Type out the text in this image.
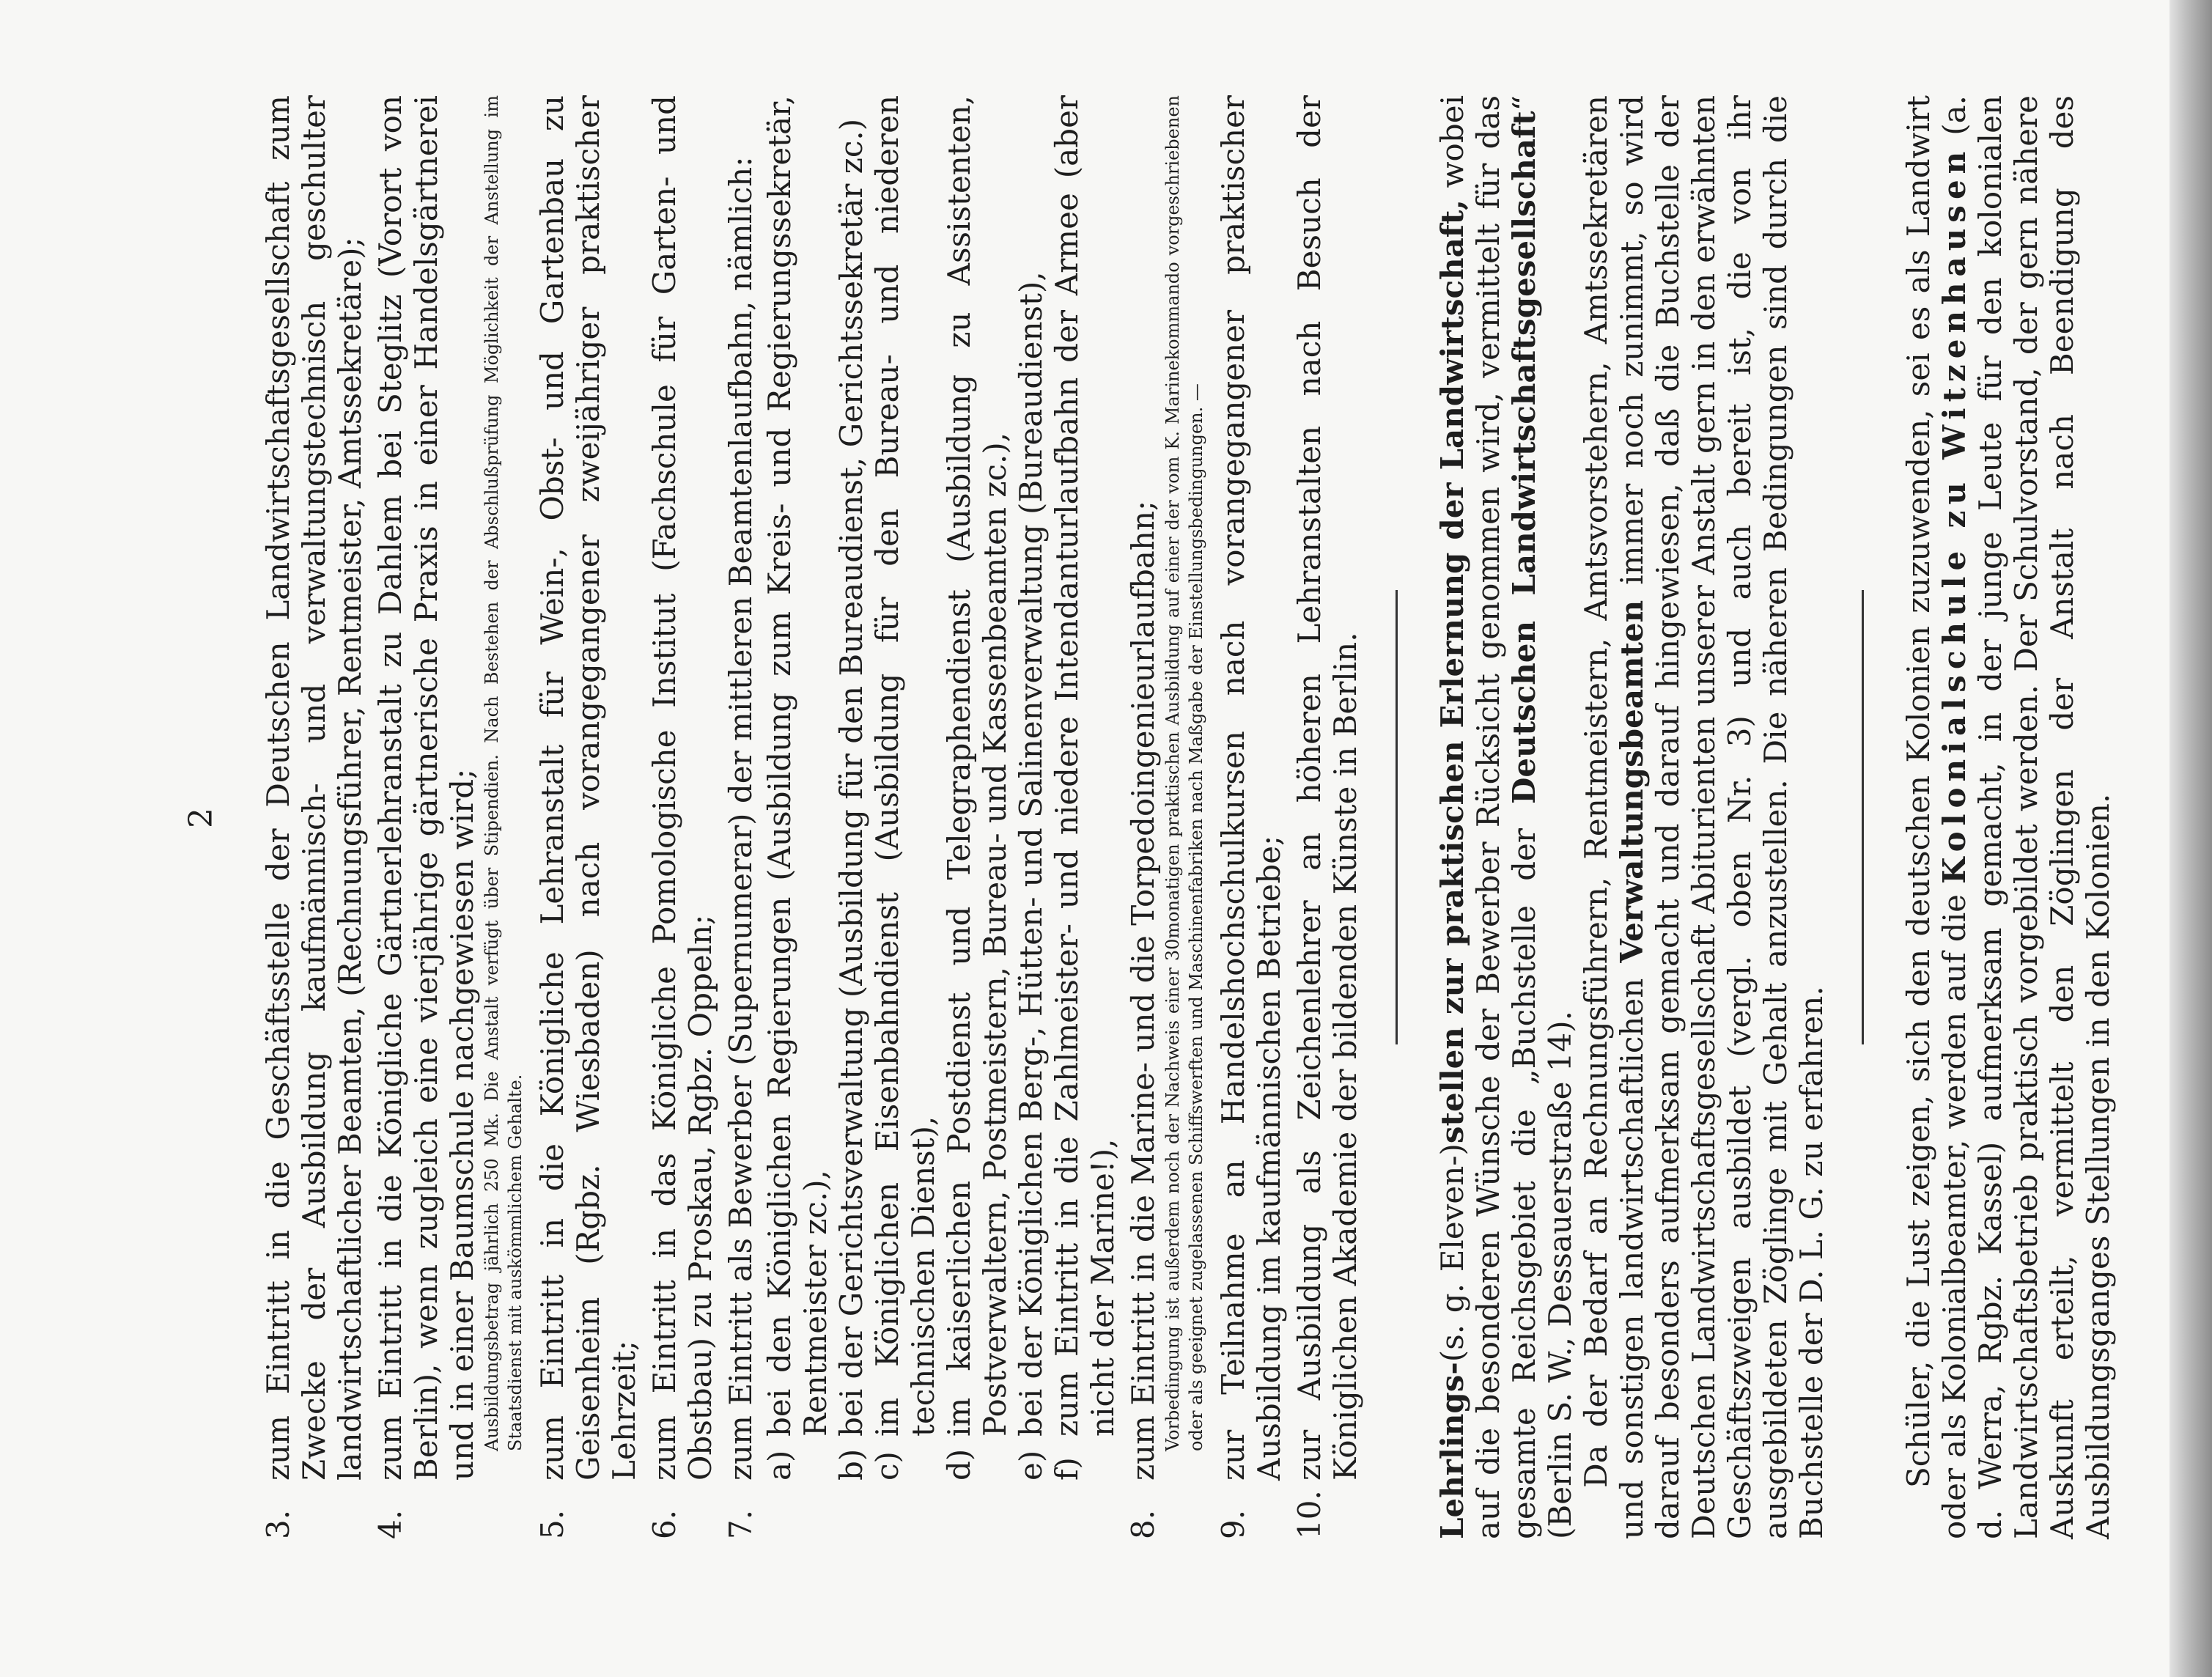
2
3.
zum Eintritt in die Geschäftsstelle der Deutschen Landwirtschaftsgesellschaft zum Zwecke der Ausbildung kaufmännisch- und verwaltungstechnisch geschulter landwirtschaftlicher Beamten, (Rechnungsführer, Rentmeister, Amtssekretäre);
4.
zum Eintritt in die Königliche Gärtnerlehranstalt zu Dahlem bei Steglitz (Vorort von Berlin), wenn zugleich eine vierjährige gärtnerische Praxis in einer Handelsgärtnerei und in einer Baumschule nachgewiesen wird; Ausbildungsbetrag jährlich 250 Mk. Die Anstalt verfügt über Stipendien. Nach Bestehen der Abschlußprüfung Möglichkeit der Anstellung im Staatsdienst mit auskömmlichem Gehalte.
5.
zum Eintritt in die Königliche Lehranstalt für Wein-, Obst- und Gartenbau zu Geisenheim (Rgbz. Wiesbaden) nach vorangegangener zweijähriger praktischer Lehrzeit;
6.
zum Eintritt in das Königliche Pomologische Institut (Fachschule für Garten- und Obstbau) zu Proskau, Rgbz. Oppeln;
7.
zum Eintritt als Bewerber (Supernumerar) der mittleren Beamtenlaufbahn, nämlich: a)
bei den Königlichen Regierungen (Ausbildung zum Kreis- und Regierungssekretär, Rentmeister zc.),
b)
bei der Gerichtsverwaltung (Ausbildung für den Bureaudienst, Gerichtssekretär zc.)
c)
im Königlichen Eisenbahndienst (Ausbildung für den Bureau- und niederen technischen Dienst),
d)
im kaiserlichen Postdienst und Telegraphendienst (Ausbildung zu Assistenten, Postverwaltern, Postmeistern, Bureau- und Kassenbeamten zc.),
e)
bei der Königlichen Berg-, Hütten- und Salinenverwaltung (Bureaudienst),
f)
zum Eintritt in die Zahlmeister- und niedere Intendanturlaufbahn der Armee (aber nicht der Marine!),
8.
zum Eintritt in die Marine- und die Torpedoingenieurlaufbahn; Vorbedingung ist außerdem noch der Nachweis einer 30monatigen praktischen Ausbildung auf einer der vom K. Marinekommando vorgeschriebenen oder als geeignet zugelassenen Schiffswerften und Maschinenfabriken nach Maßgabe der Einstellungsbedingungen. —
9.
zur Teilnahme an Handelshochschulkursen nach vorangegangener praktischer Ausbildung im kaufmännischen Betriebe;
10.
zur Ausbildung als Zeichenlehrer an höheren Lehranstalten nach Besuch der Königlichen Akademie der bildenden Künste in Berlin. Lehrlings-(s. g. Eleven-)stellen zur praktischen Erlernung der Landwirtschaft, wobei auf die besonderen Wünsche der Bewerber Rücksicht genommen wird, vermittelt für das gesamte Reichsgebiet die „Buchstelle der Deutschen Landwirtschaftsgesellschaft“ (Berlin S. W., Dessauerstraße 14). Da der Bedarf an Rechnungsführern, Rentmeistern, Amtsvorstehern, Amtssekretären und sonstigen landwirtschaftlichen Verwaltungsbeamten immer noch zunimmt, so wird darauf besonders aufmerksam gemacht und darauf hingewiesen, daß die Buchstelle der Deutschen Landwirtschaftsgesellschaft Abiturienten unserer Anstalt gern in den erwähnten Geschäftszweigen ausbildet (vergl. oben Nr. 3) und auch bereit ist, die von ihr ausgebildeten Zöglinge mit Gehalt anzustellen. Die näheren Bedingungen sind durch die Buchstelle der D. L. G. zu erfahren. Schüler, die Lust zeigen, sich den deutschen Kolonien zuzuwenden, sei es als Landwirt oder als Kolonialbeamter, werden auf die Kolonialschule zu Witzenhausen (a. d. Werra, Rgbz. Kassel) aufmerksam gemacht, in der junge Leute für den kolonialen Landwirtschaftsbetrieb praktisch vorgebildet werden. Der Schulvorstand, der gern nähere Auskunft erteilt, vermittelt den Zöglingen der Anstalt nach Beendigung des Ausbildungsganges Stellungen in den Kolonien.
